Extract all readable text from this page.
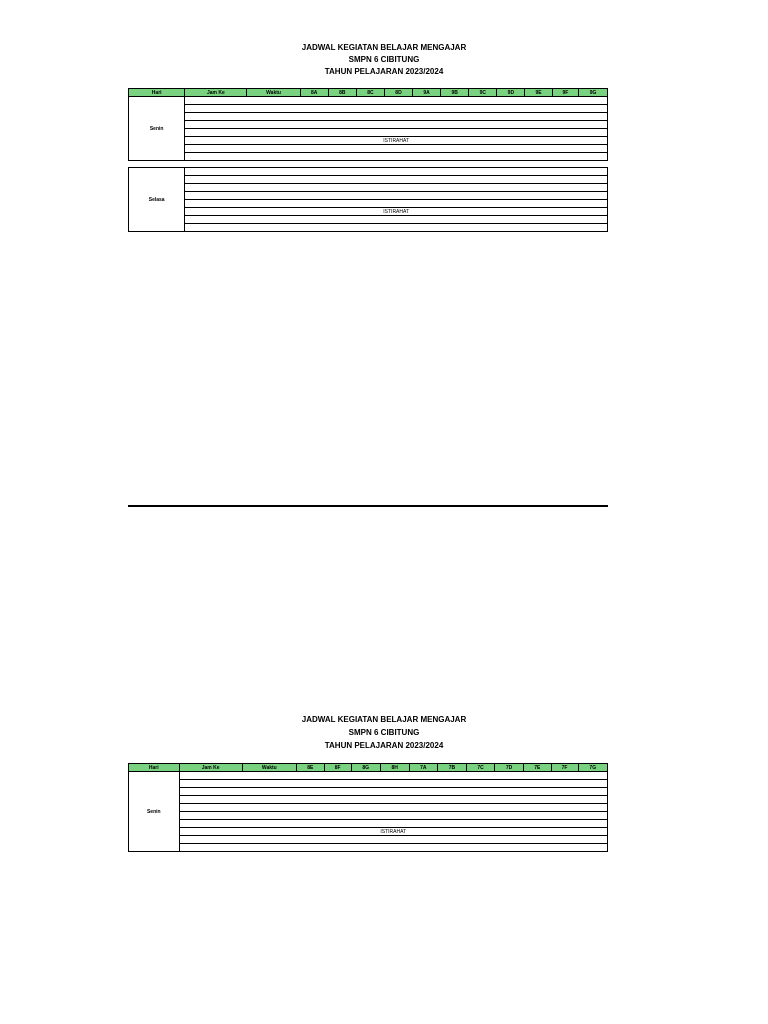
JADWAL KEGIATAN BELAJAR MENGAJAR
SMPN 6 CIBITUNG
TAHUN PELAJARAN 2023/2024
Hari	Jam Ke	Waktu	8A	8B	8C	8D	9A	9B	9C	9D	9E	9F	9G
Senin													

	ISTIRAHAT												

Selasa													

	ISTIRAHAT												

JADWAL KEGIATAN BELAJAR MENGAJAR
SMPN 6 CIBITUNG
TAHUN PELAJARAN 2023/2024
Hari	Jam Ke	Waktu	8E	8F	8G	8H	7A	7B	7C	7D	7E	7F	7G
Senin													

	ISTIRAHAT												
